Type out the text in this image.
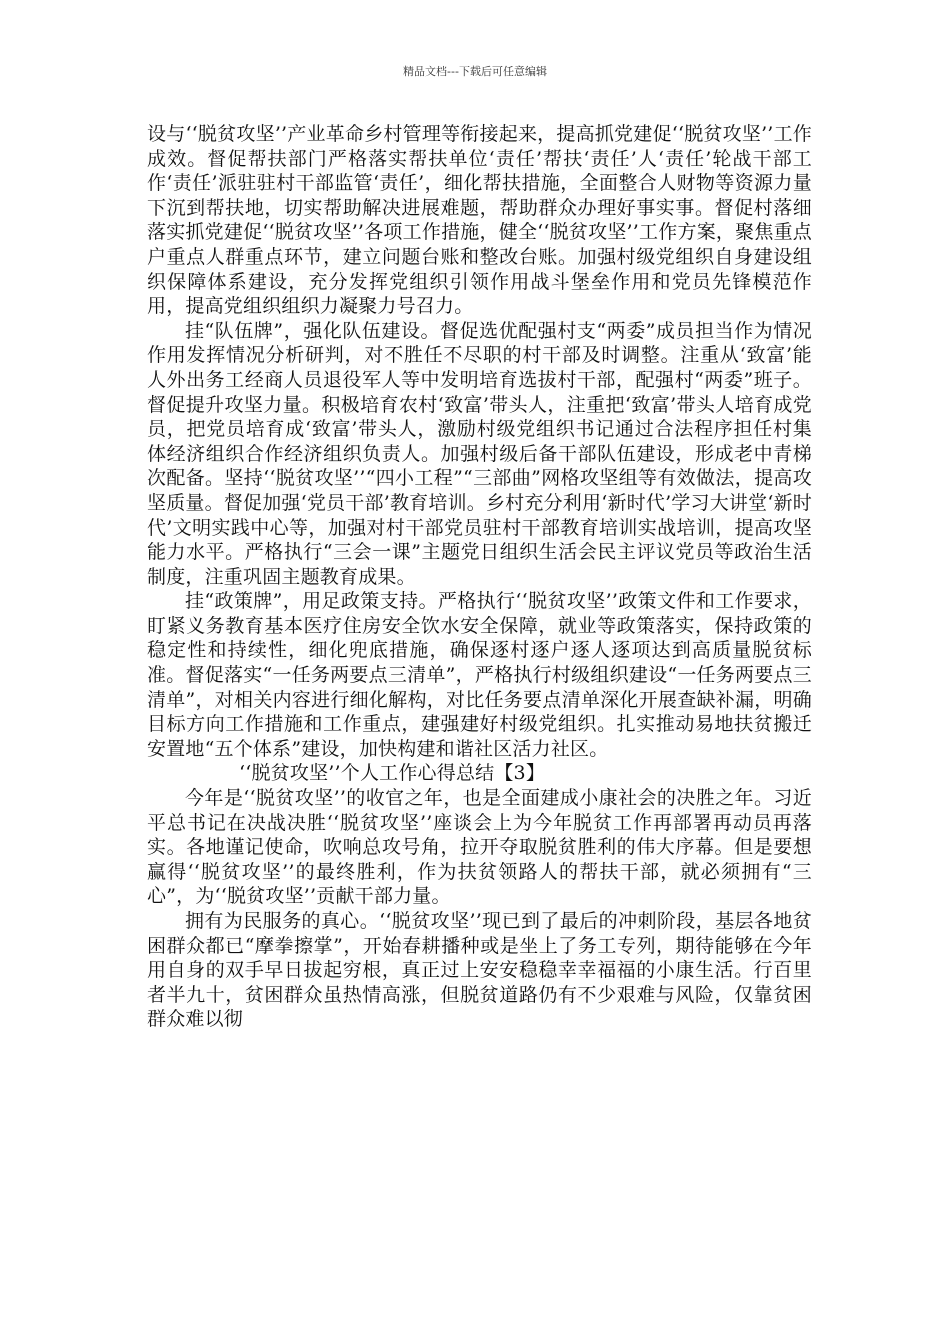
精品文档---下载后可任意编辑

设与‘‘脱贫攻坚’’产业革命乡村管理等衔接起来，提高抓党建促‘‘脱贫攻坚’’工作成效。督促帮扶部门严格落实帮扶单位‘责任’帮扶‘责任’人‘责任’轮战干部工作‘责任’派驻驻村干部监管‘责任’，细化帮扶措施，全面整合人财物等资源力量下沉到帮扶地，切实帮助解决进展难题，帮助群众办理好事实事。督促村落细落实抓党建促‘‘脱贫攻坚’’各项工作措施，健全‘‘脱贫攻坚’’工作方案，聚焦重点户重点人群重点环节，建立问题台账和整改台账。加强村级党组织自身建设组织保障体系建设，充分发挥党组织引领作用战斗堡垒作用和党员先锋模范作用，提高党组织组织力凝聚力号召力。

挂“队伍牌”，强化队伍建设。督促选优配强村支“两委”成员担当作为情况作用发挥情况分析研判，对不胜任不尽职的村干部及时调整。注重从‘致富’能人外出务工经商人员退役军人等中发明培育选拔村干部，配强村“两委”班子。督促提升攻坚力量。积极培育农村‘致富’带头人，注重把‘致富’带头人培育成党员，把党员培育成‘致富’带头人，激励村级党组织书记通过合法程序担任村集体经济组织合作经济组织负责人。加强村级后备干部队伍建设，形成老中青梯次配备。坚持‘‘脱贫攻坚’’“四小工程”“三部曲”网格攻坚组等有效做法，提高攻坚质量。督促加强‘党员干部’教育培训。乡村充分利用‘新时代’学习大讲堂‘新时代’文明实践中心等，加强对村干部党员驻村干部教育培训实战培训，提高攻坚能力水平。严格执行“三会一课”主题党日组织生活会民主评议党员等政治生活制度，注重巩固主题教育成果。

挂“政策牌”，用足政策支持。严格执行‘‘脱贫攻坚’’政策文件和工作要求，盯紧义务教育基本医疗住房安全饮水安全保障，就业等政策落实，保持政策的稳定性和持续性，细化兜底措施，确保逐村逐户逐人逐项达到高质量脱贫标准。督促落实“一任务两要点三清单”，严格执行村级组织建设“一任务两要点三清单”，对相关内容进行细化解构，对比任务要点清单深化开展查缺补漏，明确目标方向工作措施和工作重点，建强建好村级党组织。扎实推动易地扶贫搬迁安置地“五个体系”建设，加快构建和谐社区活力社区。

‘‘脱贫攻坚’’个人工作心得总结【3】

今年是‘‘脱贫攻坚’’的收官之年，也是全面建成小康社会的决胜之年。习近平总书记在决战决胜‘‘脱贫攻坚’’座谈会上为今年脱贫工作再部署再动员再落实。各地谨记使命，吹响总攻号角，拉开夺取脱贫胜利的伟大序幕。但是要想赢得‘‘脱贫攻坚’’的最终胜利，作为扶贫领路人的帮扶干部，就必须拥有“三心”，为‘‘脱贫攻坚’’贡献干部力量。

拥有为民服务的真心。‘‘脱贫攻坚’’现已到了最后的冲刺阶段，基层各地贫困群众都已“摩拳擦掌”，开始春耕播种或是坐上了务工专列，期待能够在今年用自身的双手早日拔起穷根，真正过上安安稳稳幸幸福福的小康生活。行百里者半九十，贫困群众虽热情高涨，但脱贫道路仍有不少艰难与风险，仅靠贫困群众难以彻
